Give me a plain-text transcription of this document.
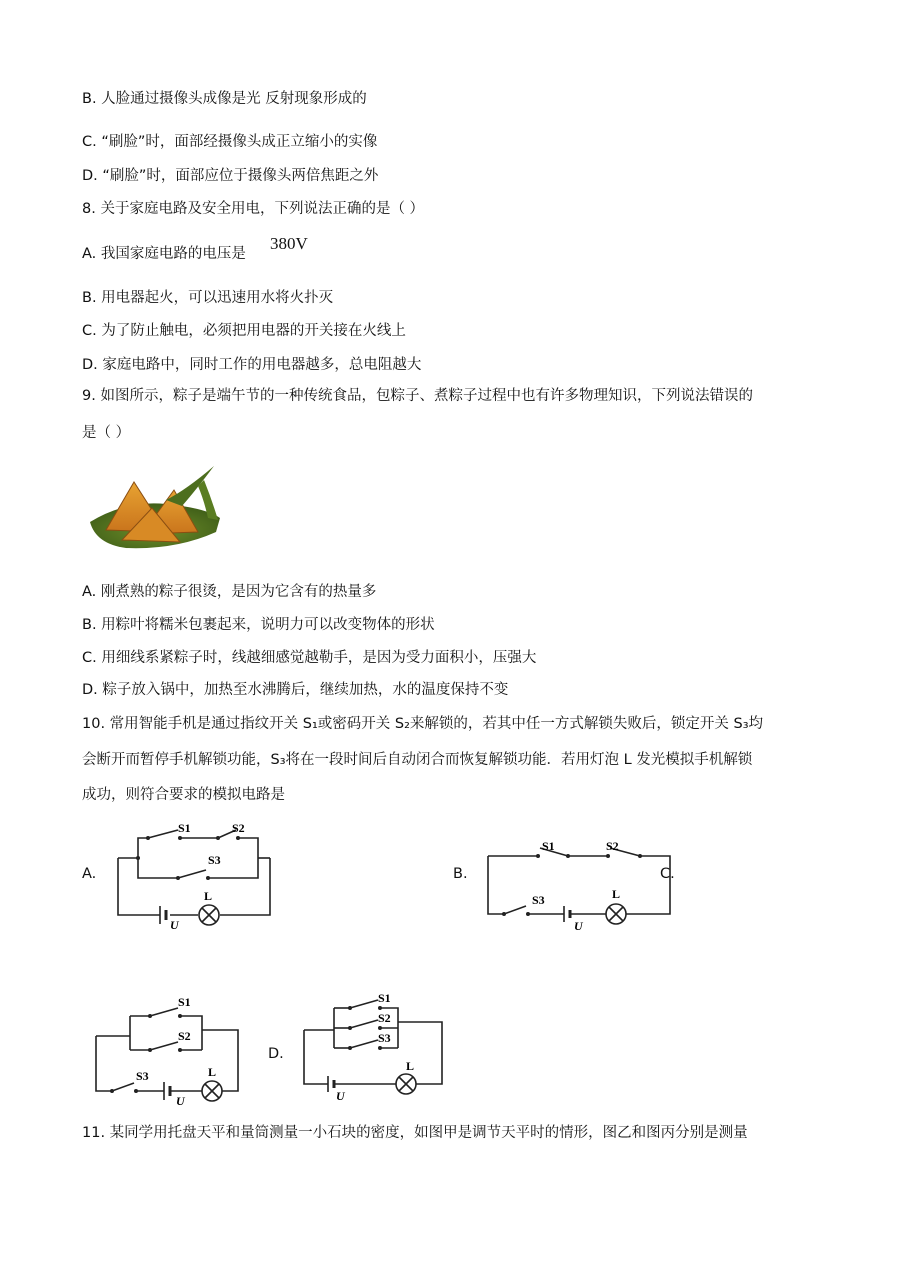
B. 人脸通过摄像头成像是光 反射现象形成的
C. “刷脸”时，面部经摄像头成正立缩小的实像
D. “刷脸”时，面部应位于摄像头两倍焦距之外
8. 关于家庭电路及安全用电，下列说法正确的是（ ）
A. 我国家庭电路的电压是
380V
B. 用电器起火，可以迅速用水将火扑灭
C. 为了防止触电，必须把用电器的开关接在火线上
D. 家庭电路中，同时工作的用电器越多，总电阻越大
9. 如图所示，粽子是端午节的一种传统食品，包粽子、煮粽子过程中也有许多物理知识，下列说法错误的
是（ ）
A. 刚煮熟的粽子很烫，是因为它含有的热量多
B. 用粽叶将糯米包裹起来，说明力可以改变物体的形状
C. 用细线系紧粽子时，线越细感觉越勒手，是因为受力面积小，压强大
D. 粽子放入锅中，加热至水沸腾后，继续加热，水的温度保持不变
10. 常用智能手机是通过指纹开关 S₁或密码开关 S₂来解锁的，若其中任一方式解锁失败后，锁定开关 S₃均
会断开而暂停手机解锁功能，S₃将在一段时间后自动闭合而恢复解锁功能．若用灯泡 L 发光模拟手机解锁
成功，则符合要求的模拟电路是
A.	B.	C.
D.
S1	S2
S3
L
U
S1	S2
S3	L
U
S1
S2
S3	L
U
S1
S2
S3
L
U
11. 某同学用托盘天平和量筒测量一小石块的密度，如图甲是调节天平时的情形，图乙和图丙分别是测量
